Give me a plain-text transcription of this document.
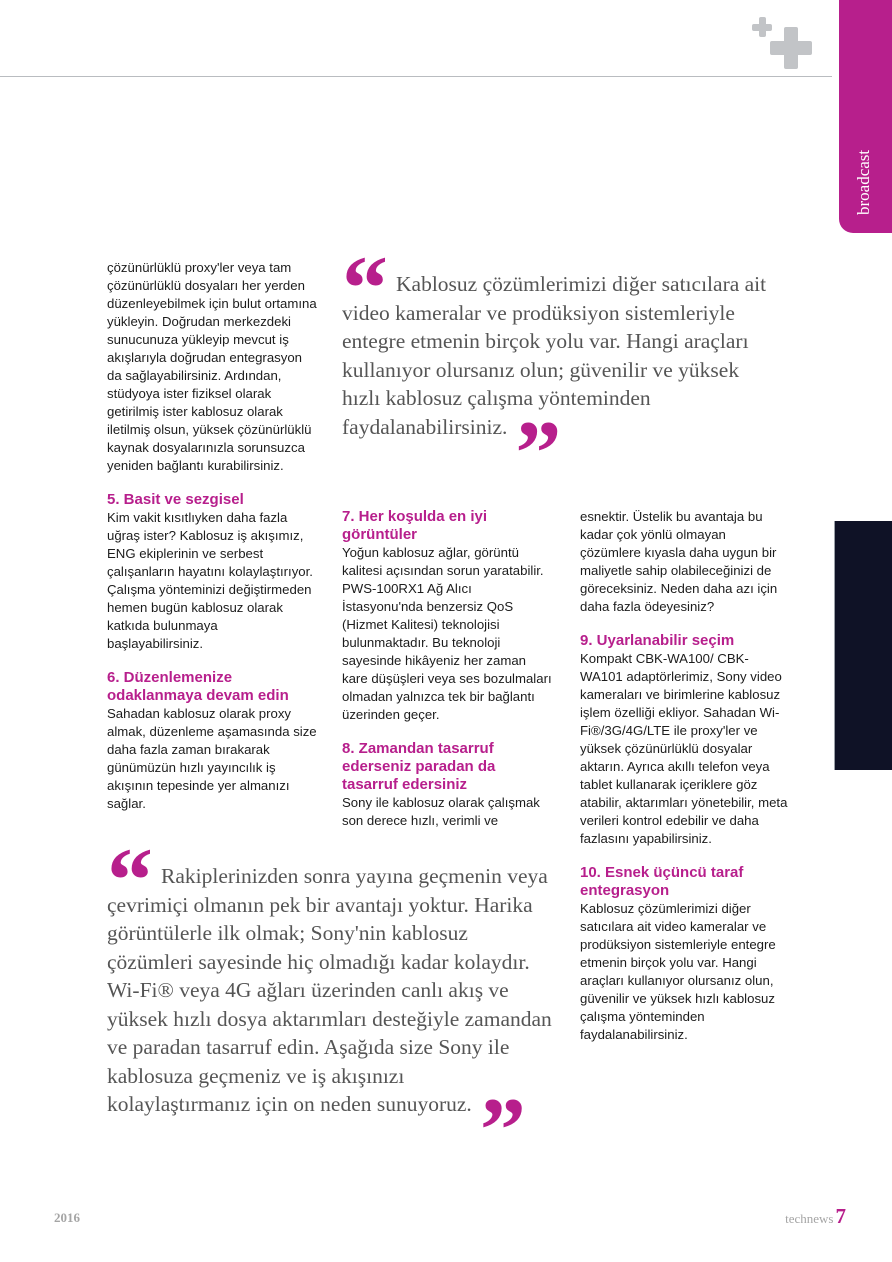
broadcast

çözünürlüklü proxy'ler veya tam çözünürlüklü dosyaları her yerden düzenleyebilmek için bulut ortamına yükleyin. Doğrudan merkezdeki sunucunuza yükleyip mevcut iş akışlarıyla doğrudan entegrasyon da sağlayabilirsiniz. Ardından, stüdyoya ister fiziksel olarak getirilmiş ister kablosuz olarak iletilmiş olsun, yüksek çözünürlüklü kaynak dosyalarınızla sorunsuzca yeniden bağlantı kurabilirsiniz.

5. Basit ve sezgisel

Kim vakit kısıtlıyken daha fazla uğraş ister? Kablosuz iş akışımız, ENG ekiplerinin ve serbest çalışanların hayatını kolaylaştırıyor. Çalışma yönteminizi değiştirmeden hemen bugün kablosuz olarak katkıda bulunmaya başlayabilirsiniz.

6. Düzenlemenize odaklanmaya devam edin

Sahadan kablosuz olarak proxy almak, düzenleme aşamasında size daha fazla zaman bırakarak günümüzün hızlı yayıncılık iş akışının tepesinde yer almanızı sağlar.

“ Kablosuz çözümlerimizi diğer satıcılara ait video kameralar ve prodüksiyon sistemleriyle entegre etmenin birçok yolu var. Hangi araçları kullanıyor olursanız olun; güvenilir ve yüksek hızlı kablosuz çalışma yönteminden faydalanabilirsiniz.”
7. Her koşulda en iyi görüntüler

Yoğun kablosuz ağlar, görüntü kalitesi açısından sorun yaratabilir. PWS-100RX1 Ağ Alıcı İstasyonu'nda benzersiz QoS (Hizmet Kalitesi) teknolojisi bulunmaktadır. Bu teknoloji sayesinde hikâyeniz her zaman kare düşüşleri veya ses bozulmaları olmadan yalnızca tek bir bağlantı üzerinden geçer.

8. Zamandan tasarruf ederseniz paradan da tasarruf edersiniz

Sony ile kablosuz olarak çalışmak son derece hızlı, verimli ve

esnektir. Üstelik bu avantaja bu kadar çok yönlü olmayan çözümlere kıyasla daha uygun bir maliyetle sahip olabileceğinizi de göreceksiniz. Neden daha azı için daha fazla ödeyesiniz?

9. Uyarlanabilir seçim

Kompakt CBK-WA100/ CBK-WA101 adaptörlerimiz, Sony video kameraları ve birimlerine kablosuz işlem özelliği ekliyor. Sahadan Wi-Fi®/3G/4G/LTE ile proxy'ler ve yüksek çözünürlüklü dosyalar aktarın. Ayrıca akıllı telefon veya tablet kullanarak içeriklere göz atabilir, aktarımları yönetebilir, meta verileri kontrol edebilir ve daha fazlasını yapabilirsiniz.

10. Esnek üçüncü taraf entegrasyon

Kablosuz çözümlerimizi diğer satıcılara ait video kameralar ve prodüksiyon sistemleriyle entegre etmenin birçok yolu var. Hangi araçları kullanıyor olursanız olun, güvenilir ve yüksek hızlı kablosuz çalışma yönteminden faydalanabilirsiniz.

“ Rakiplerinizden sonra yayına geçmenin veya çevrimiçi olmanın pek bir avantajı yoktur. Harika görüntülerle ilk olmak; Sony'nin kablosuz çözümleri sayesinde hiç olmadığı kadar kolaydır. Wi-Fi® veya 4G ağları üzerinden canlı akış ve yüksek hızlı dosya aktarımları desteğiyle zamandan ve paradan tasarruf edin. Aşağıda size Sony ile kablosuza geçmeniz ve iş akışınızı kolaylaştırmanız için on neden sunuyoruz.”
2016	technews7
